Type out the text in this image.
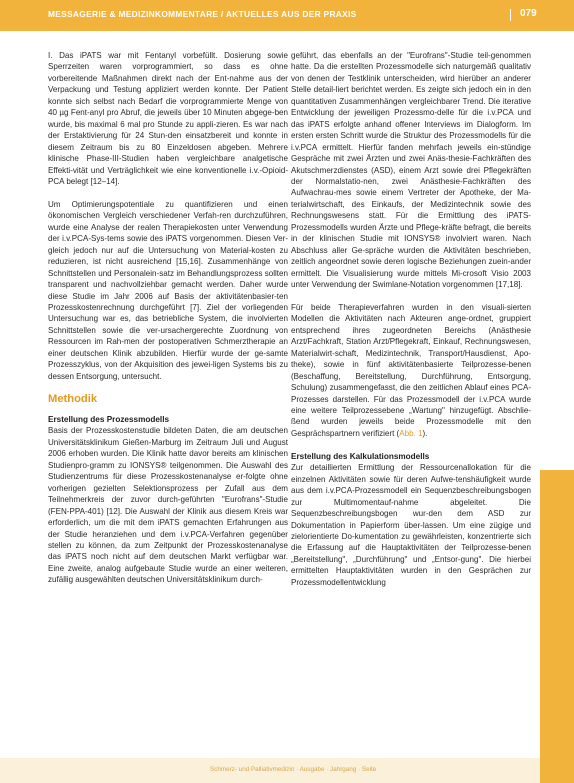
MESSAGERIE & MEDIZINKOMMENTARE / AKTUELLES AUS DER PRAXIS	079

I. Das iPATS war mit Fentanyl vorbefüllt. Dosierung sowie Sperrzeiten waren vorprogrammiert, so dass es ohne vorbereitende Maßnahmen direkt nach der Ent-nahme aus der Verpackung und Testung appliziert werden konnte. Der Patient konnte sich selbst nach Bedarf die vorprogrammierte Menge von 40 µg Fent-anyl pro Abruf, die jeweils über 10 Minuten abgege-ben wurde, bis maximal 6 mal pro Stunde zu appli-zieren. Es war nach der Erstaktivierung für 24 Stun-den einsatzbereit und konnte in diesem Zeitraum bis zu 80 Einzeldosen abgeben. Mehrere klinische Phase-III-Studien haben vergleichbare analgetische Effekti-vität und Verträglichkeit wie eine konventionelle i.v.-Opioid-PCA belegt [12–14].

Um Optimierungspotentiale zu quantifizieren und einen ökonomischen Vergleich verschiedener Verfah-ren durchzuführen, wurde eine Analyse der realen Therapiekosten unter Verwendung der i.v.PCA-Sys-tems sowie des iPATS vorgenommen. Diesen Ver-gleich jedoch nur auf die Untersuchung von Material-kosten zu reduzieren, ist nicht ausreichend [15,16]. Zusammenhänge von Schnittstellen und Personalein-satz im Behandlungsprozess sollten transparent und nachvollziehbar gemacht werden. Daher wurde diese Studie im Jahr 2006 auf Basis der aktivitätenbasier-ten Prozesskostenrechnung durchgeführt [7]. Ziel der vorliegenden Untersuchung war es, das betriebliche System, die involvierten Schnittstellen sowie die ver-ursachergerechte Zuordnung von Ressourcen im Rah-men der postoperativen Schmerztherapie an einer deutschen Klinik abzubilden. Hierfür wurde der ge-samte Prozesszyklus, von der Akquisition des jewei-ligen Systems bis zu dessen Entsorgung, untersucht.

Methodik
Erstellung des Prozessmodells

Basis der Prozesskostenstudie bildeten Daten, die am deutschen Universitätsklinikum Gießen-Marburg im Zeitraum Juli und August 2006 erhoben wurden. Die Klinik hatte davor bereits am klinischen Studienpro-gramm zu IONSYS® teilgenommen. Die Auswahl des Studienzentrums für diese Prozesskostenanalyse er-folgte ohne vorherigen gezielten Selektionsprozess per Zufall aus dem Teilnehmerkreis der zuvor durch-geführten "Eurofrans"-Studie (FEN-PPA-401) [12]. Die Auswahl der Klinik aus diesem Kreis war erforderlich, um die mit dem iPATS gemachten Erfahrungen aus der Studie heranziehen und dem i.v.PCA-Verfahren gegenüber stellen zu können, da zum Zeitpunkt der Prozesskostenanalyse das iPATS noch nicht auf dem deutschen Markt verfügbar war. Eine zweite, analog aufgebaute Studie wurde an einer weiteren, zufällig ausgewählten deutschen Universitätsklinikum durch-

geführt, das ebenfalls an der "Eurofrans"-Studie teil-genommen hatte. Da die erstellten Prozessmodelle sich naturgemäß qualitativ von denen der Testklinik unterscheiden, wird hierüber an anderer Stelle detail-liert berichtet werden. Es zeigte sich jedoch ein in den quantitativen Zusammenhängen vergleichbarer Trend. Die iterative Entwicklung der jeweiligen Prozessmo-delle für die i.v.PCA und das iPATS erfolgte anhand offener Interviews im Dialogform. Im ersten ersten Schritt wurde die Struktur des Prozessmodells für die i.v.PCA ermittelt. Hierfür fanden mehrfach jeweils ein-stündige Gespräche mit zwei Ärzten und zwei Anäs-thesie-Fachkräften des Akutschmerzdienstes (ASD), einem Arzt sowie drei Pflegekräften der Normalstatio-nen, zwei Anästhesie-Fachkräften des Aufwachrau-mes sowie einem Vertreter der Apotheke, der Ma-terialwirtschaft, des Einkaufs, der Medizintechnik sowie des Rechnungswesens statt. Für die Ermittlung des iPATS-Prozessmodells wurden Ärzte und Pflege-kräfte befragt, die bereits in der klinischen Studie mit IONSYS® involviert waren. Nach Abschluss aller Ge-spräche wurden die Aktivitäten beschrieben, zeitlich angeordnet sowie deren logische Beziehungen zuein-ander ermittelt. Die Visualisierung wurde mittels Mi-crosoft Visio 2003 unter Verwendung der Swimlane-Notation vorgenommen [17,18].

Für beide Therapieverfahren wurden in den visuali-sierten Modellen die Aktivitäten nach Akteuren ange-ordnet, gruppiert entsprechend ihres zugeordneten Bereichs (Anästhesie Arzt/Fachkraft, Station Arzt/Pflegekraft, Einkauf, Rechnungswesen, Materialwirt-schaft, Medizintechnik, Transport/Hausdienst, Apo-theke), sowie in fünf aktivitätenbasierte Teilprozesse-benen (Beschaffung, Bereitstellung, Durchführung, Entsorgung, Schulung) zusammengefasst, die den zeitlichen Ablauf eines PCA-Prozesses darstellen. Für das Prozessmodell der i.v.PCA wurde eine weitere Teilprozessebene „Wartung" hinzugefügt. Abschlie-ßend wurden jeweils beide Prozessmodelle mit den Gesprächspartnern verifiziert (Abb. 1).

Erstellung des Kalkulationsmodells

Zur detaillierten Ermittlung der Ressourcenallokation für die einzelnen Aktivitäten sowie für deren Aufwe-tenshäufigkeit wurde aus dem i.v.PCA-Prozessmodell ein Sequenzbeschreibungsbogen zur Multimomentauf-nahme abgeleitet. Die Sequenzbeschreibungsbogen wur-den dem ASD zur Dokumentation in Papierform über-lassen. Um eine zügige und zielorientierte Do-kumentation zu gewährleisten, konzentrierte sich die Erfassung auf die Hauptaktivitäten der Teilprozesse-benen „Bereitstellung", „Durchführung" und „Entsor-gung". Die hierbei ermittelten Hauptaktivitäten wurden in den Gesprächen zur Prozessmodellentwicklung

Schmerz- und Palliativmedizin · Ausgabe · Jahrgang · Seite
